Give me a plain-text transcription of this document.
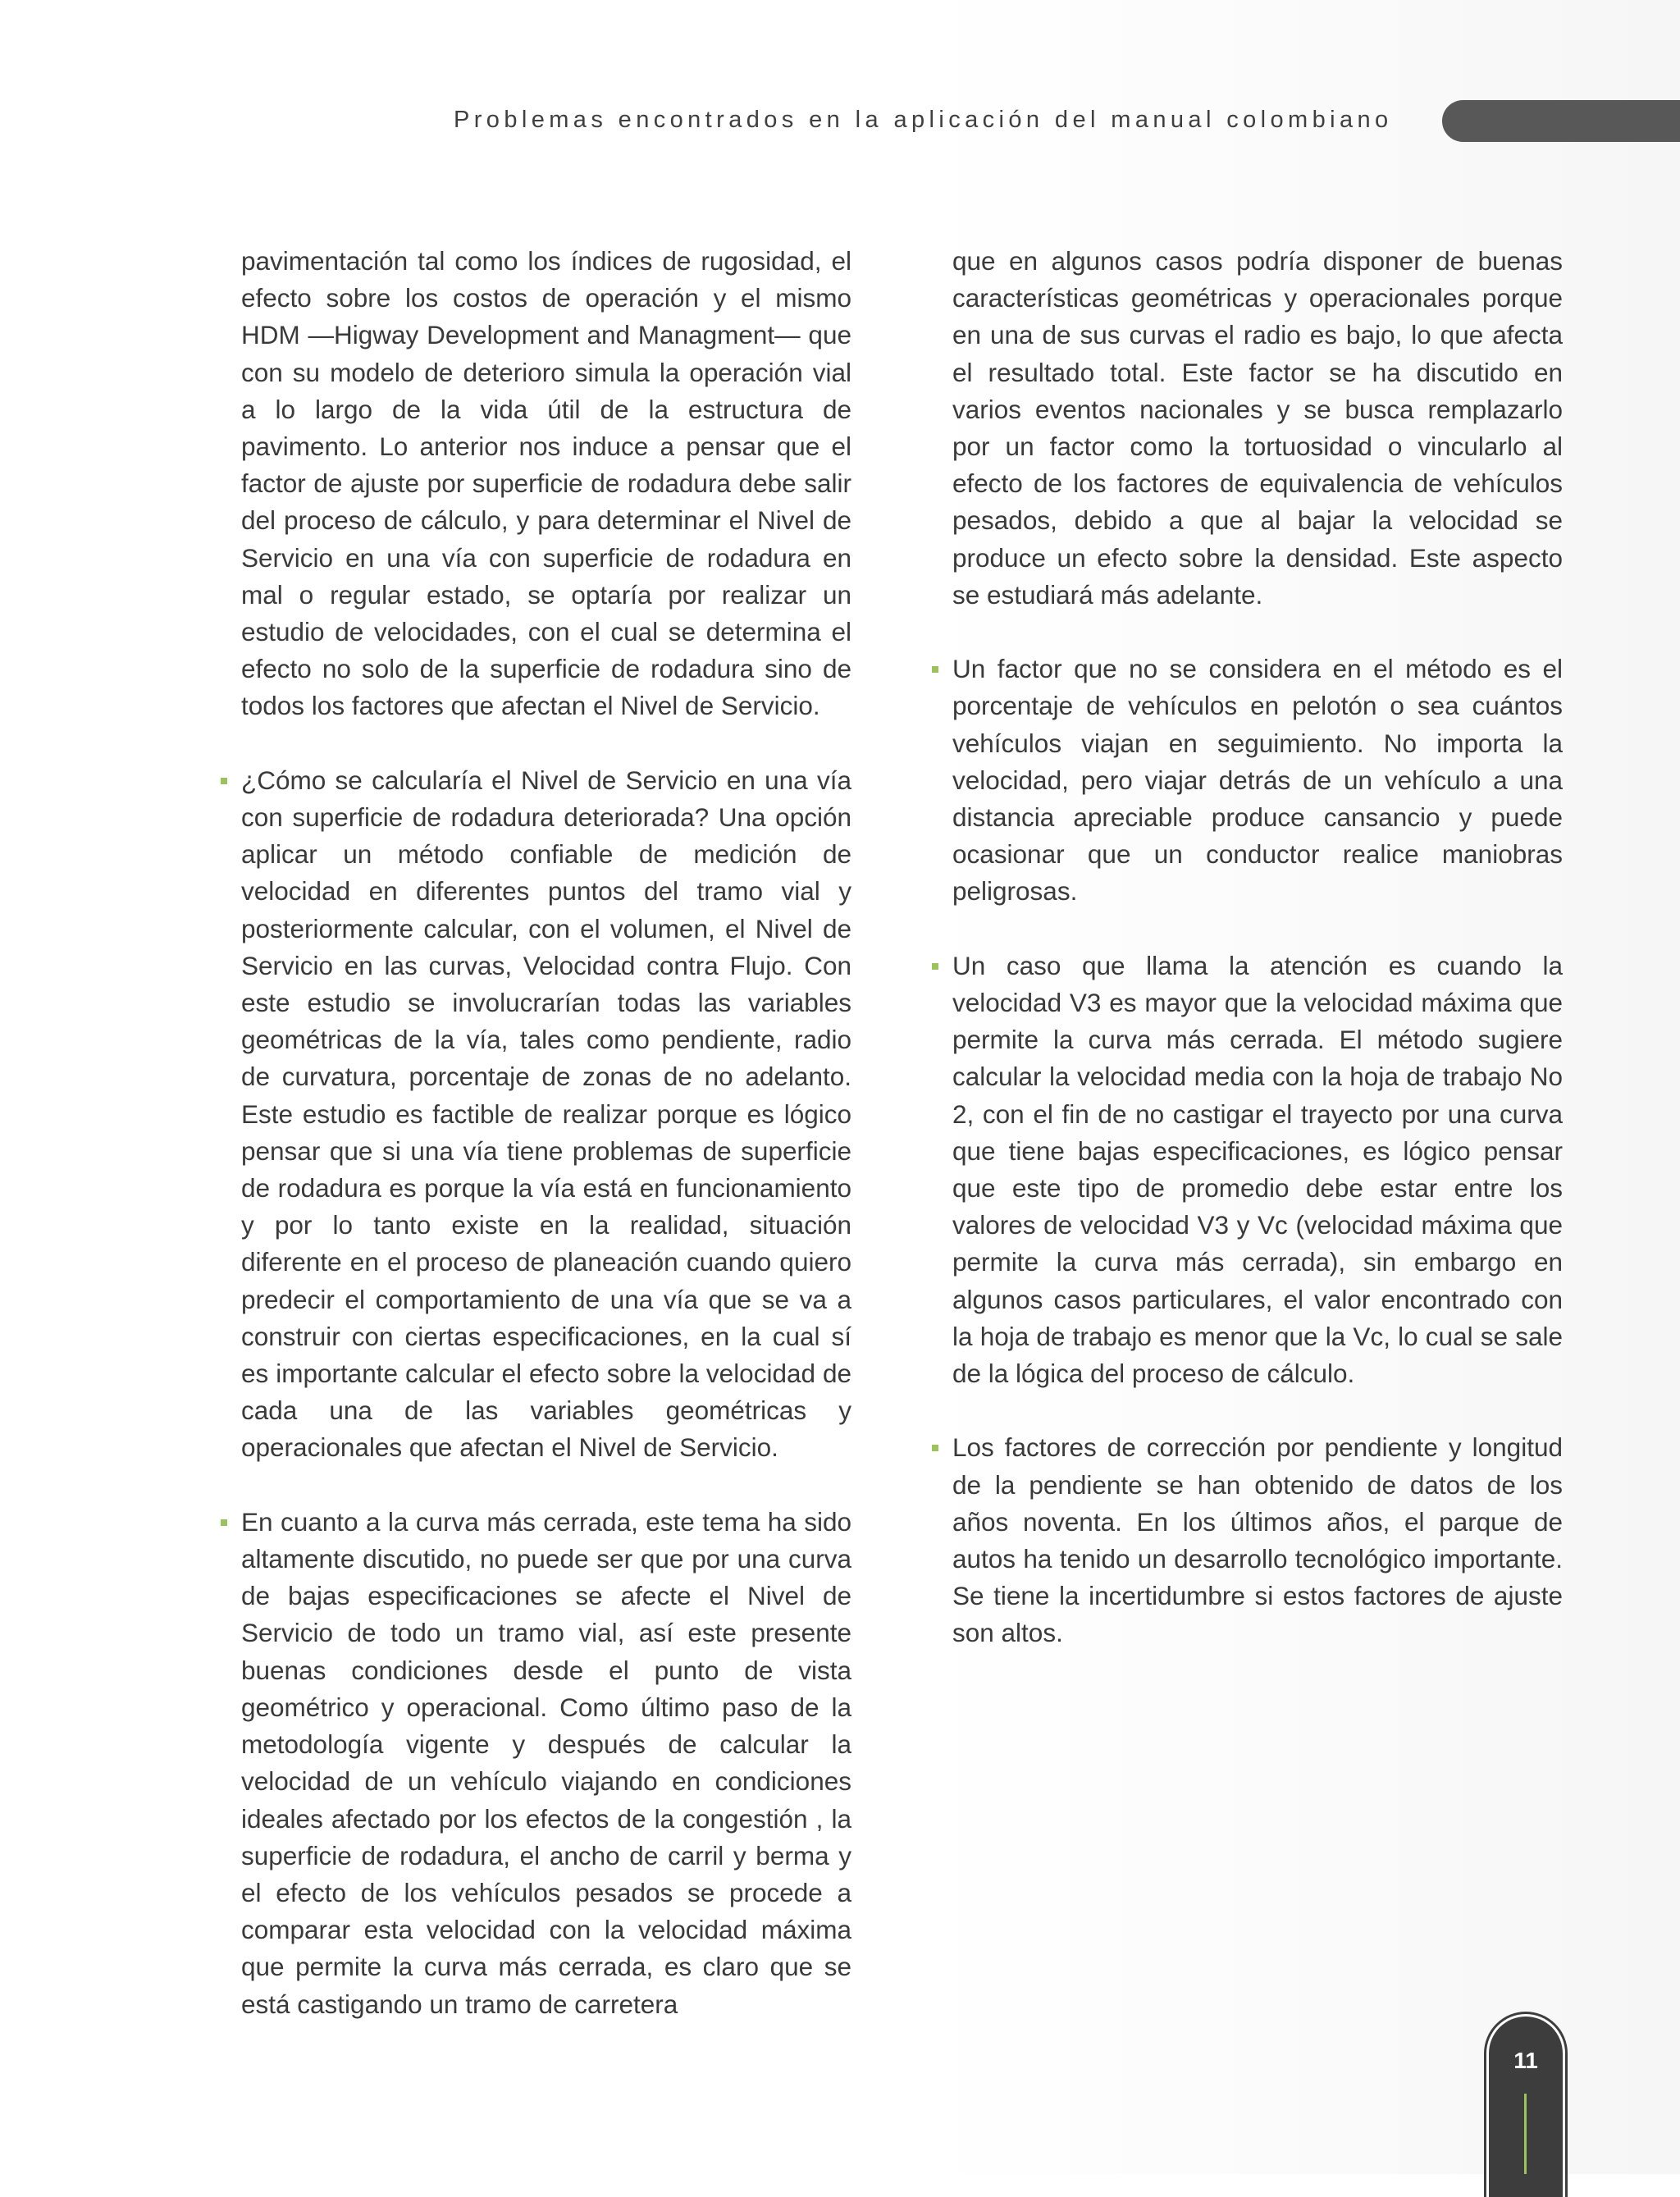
Problemas encontrados en la aplicación del manual colombiano

pavimentación tal como los índices de rugosidad, el efecto sobre los costos de operación y el mismo HDM —Higway Development and Managment— que con su modelo de deterioro simula la operación vial a lo largo de la vida útil de la estructura de pavimento. Lo anterior nos induce a pensar que el factor de ajuste por superficie de rodadura debe salir del proceso de cálculo, y para determinar el Nivel de Servicio en una vía con superficie de rodadura en mal o regular estado, se optaría por realizar un estudio de velocidades, con el cual se determina el efecto no solo de la superficie de rodadura sino de todos los factores que afectan el Nivel de Servicio.

¿Cómo se calcularía el Nivel de Servicio en una vía con superficie de rodadura deteriorada? Una opción aplicar un método confiable de medición de velocidad en diferentes puntos del tramo vial y posteriormente calcular, con el volumen, el Nivel de Servicio en las curvas, Velocidad contra Flujo. Con este estudio se involucrarían todas las variables geométricas de la vía, tales como pendiente, radio de curvatura, porcentaje de zonas de no adelanto. Este estudio es factible de realizar porque es lógico pensar que si una vía tiene problemas de superficie de rodadura es porque la vía está en funcionamiento y por lo tanto existe en la realidad, situación diferente en el proceso de planeación cuando quiero predecir el comportamiento de una vía que se va a construir con ciertas especificaciones, en la cual sí es importante calcular el efecto sobre la velocidad de cada una de las variables geométricas y operacionales que afectan el Nivel de Servicio.

En cuanto a la curva más cerrada, este tema ha sido altamente discutido, no puede ser que por una curva de bajas especificaciones se afecte el Nivel de Servicio de todo un tramo vial, así este presente buenas condiciones desde el punto de vista geométrico y operacional. Como último paso de la metodología vigente y después de calcular la velocidad de un vehículo viajando en condiciones ideales afectado por los efectos de la congestión , la superficie de rodadura, el ancho de carril y berma y el efecto de los vehículos pesados se procede a comparar esta velocidad con la velocidad máxima que permite la curva más cerrada, es claro que se está castigando un tramo de carretera

que en algunos casos podría disponer de buenas características geométricas y operacionales porque en una de sus curvas el radio es bajo, lo que afecta el resultado total. Este factor se ha discutido en varios eventos nacionales y se busca remplazarlo por un factor como la tortuosidad o vincularlo al efecto de los factores de equivalencia de vehículos pesados, debido a que al bajar la velocidad se produce un efecto sobre la densidad. Este aspecto se estudiará más adelante.

Un factor que no se considera en el método es el porcentaje de vehículos en pelotón o sea cuántos vehículos viajan en seguimiento. No importa la velocidad, pero viajar detrás de un vehículo a una distancia apreciable produce cansancio y puede ocasionar que un conductor realice maniobras peligrosas.

Un caso que llama la atención es cuando la velocidad V3 es mayor que la velocidad máxima que permite la curva más cerrada. El método sugiere calcular la velocidad media con la hoja de trabajo No 2, con el fin de no castigar el trayecto por una curva que tiene bajas especificaciones, es lógico pensar que este tipo de promedio debe estar entre los valores de velocidad V3 y Vc (velocidad máxima que permite la curva más cerrada), sin embargo en algunos casos particulares, el valor encontrado con la hoja de trabajo es menor que la Vc, lo cual se sale de la lógica del proceso de cálculo.

Los factores de corrección por pendiente y longitud de la pendiente se han obtenido de datos de los años noventa. En los últimos años, el parque de autos ha tenido un desarrollo tecnológico importante. Se tiene la incertidumbre si estos factores de ajuste son altos.

11
